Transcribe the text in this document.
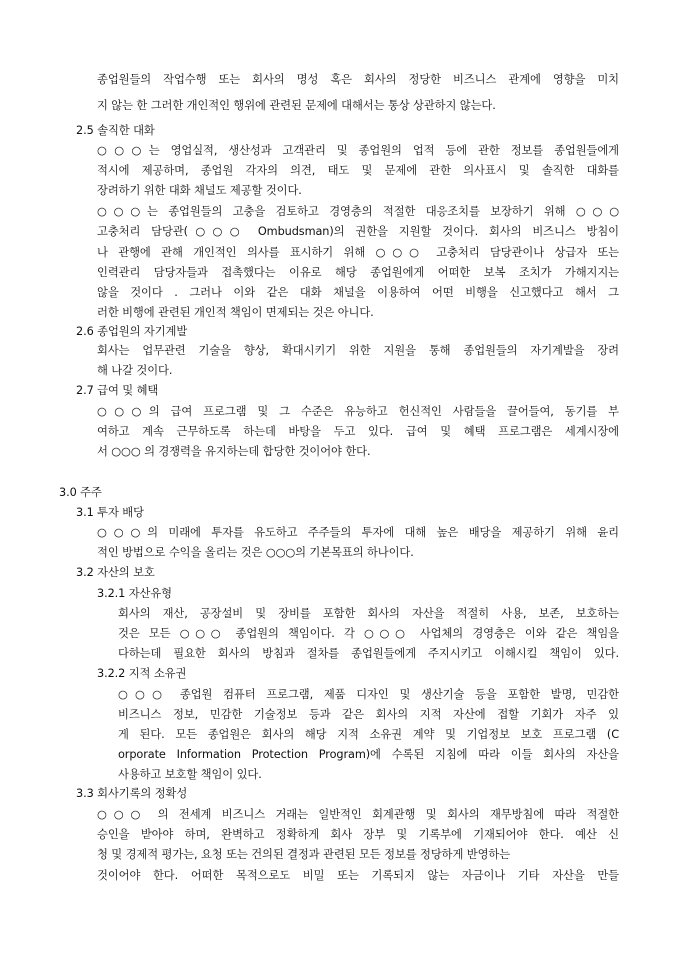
종업원들의 작업수행 또는 회사의 명성 혹은 회사의 정당한 비즈니스 관계에 영향을 미치
지 않는 한 그러한 개인적인 행위에 관련된 문제에 대해서는 통상 상관하지 않는다.
2.5 솔직한 대화
○○○는 영업실적, 생산성과 고객관리 및 종업원의 업적 등에 관한 정보를 종업원들에게
적시에 제공하며, 종업원 각자의 의견, 태도 및 문제에 관한 의사표시 및 솔직한 대화를
장려하기 위한 대화 채널도 제공할 것이다.
○○○는 종업원들의 고충을 검토하고 경영층의 적절한 대응조치를 보장하기 위해 ○○○
고충처리 담당관(○○○ Ombudsman)의 권한을 지원할 것이다. 회사의 비즈니스 방침이
나 관행에 관해 개인적인 의사를 표시하기 위해 ○○○ 고충처리 담당관이나 상급자 또는
인력관리 담당자들과 접촉했다는 이유로 해당 종업원에게 어떠한 보복 조치가 가해지지는
않을 것이다 . 그러나 이와 같은 대화 채널을 이용하여 어떤 비행을 신고했다고 해서 그
러한 비행에 관련된 개인적 책임이 면제되는 것은 아니다.
2.6 종업원의 자기계발
회사는 업무관련 기술을 향상, 확대시키기 위한 지원을 통해 종업원들의 자기계발을 장려
해 나갈 것이다.
2.7 급여 및 혜택
○○○의 급여 프로그램 및 그 수준은 유능하고 헌신적인 사람들을 끌어들여, 동기를 부
여하고 계속 근무하도록 하는데 바탕을 두고 있다. 급여 및 혜택 프로그램은 세계시장에
서 ○○○ 의 경쟁력을 유지하는데 합당한 것이어야 한다.
3.0 주주
3.1 투자 배당
○○○의 미래에 투자를 유도하고 주주들의 투자에 대해 높은 배당을 제공하기 위해 윤리
적인 방법으로 수익을 올리는 것은 ○○○의 기본목표의 하나이다.
3.2 자산의 보호
3.2.1 자산유형
회사의 재산, 공장설비 및 장비를 포함한 회사의 자산을 적절히 사용, 보존, 보호하는
것은 모든 ○○○ 종업원의 책임이다. 각 ○○○ 사업체의 경영층은 이와 같은 책임을
다하는데 필요한 회사의 방침과 절차를 종업원들에게 주지시키고 이해시킬 책임이 있다.
3.2.2 지적 소유권
○○○ 종업원 컴퓨터 프로그램, 제품 디자인 및 생산기술 등을 포함한 발명, 민감한
비즈니스 정보, 민감한 기술정보 등과 같은 회사의 지적 자산에 접할 기회가 자주 있
게 된다. 모든 종업원은 회사의 해당 지적 소유권 계약 및 기업정보 보호 프로그램 (C
orporate Information Protection Program)에 수록된 지침에 따라 이들 회사의 자산을
사용하고 보호할 책임이 있다.
3.3 회사기록의 정확성
○○○ 의 전세계 비즈니스 거래는 일반적인 회계관행 및 회사의 재무방침에 따라 적절한
승인을 받아야 하며, 완벽하고 정확하게 회사 장부 및 기록부에 기재되어야 한다. 예산 신
청 및 경제적 평가는, 요청 또는 건의된 결정과 관련된 모든 정보를 정당하게 반영하는
것이어야 한다. 어떠한 목적으로도 비밀 또는 기록되지 않는 자금이나 기타 자산을 만들
